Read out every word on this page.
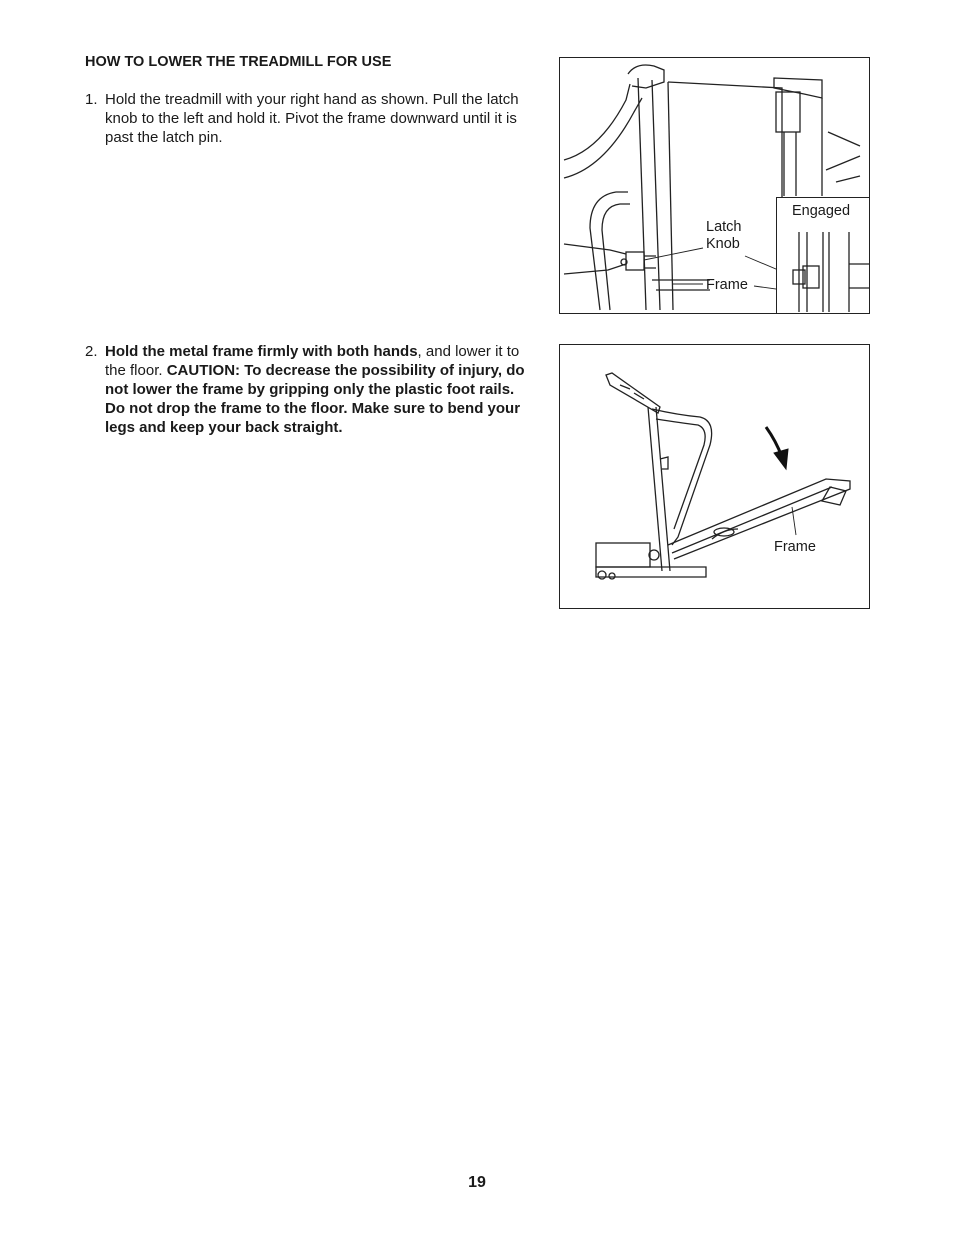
HOW TO LOWER THE TREADMILL FOR USE
1. Hold the treadmill with your right hand as shown. Pull the latch knob to the left and hold it. Pivot the frame downward until it is past the latch pin.
2. Hold the metal frame firmly with both hands, and lower it to the floor. CAUTION: To decrease the possibility of injury, do not lower the frame by gripping only the plastic foot rails. Do not drop the frame to the floor. Make sure to bend your legs and keep your back straight.
Engaged
Latch
Knob
Frame
Frame
19
